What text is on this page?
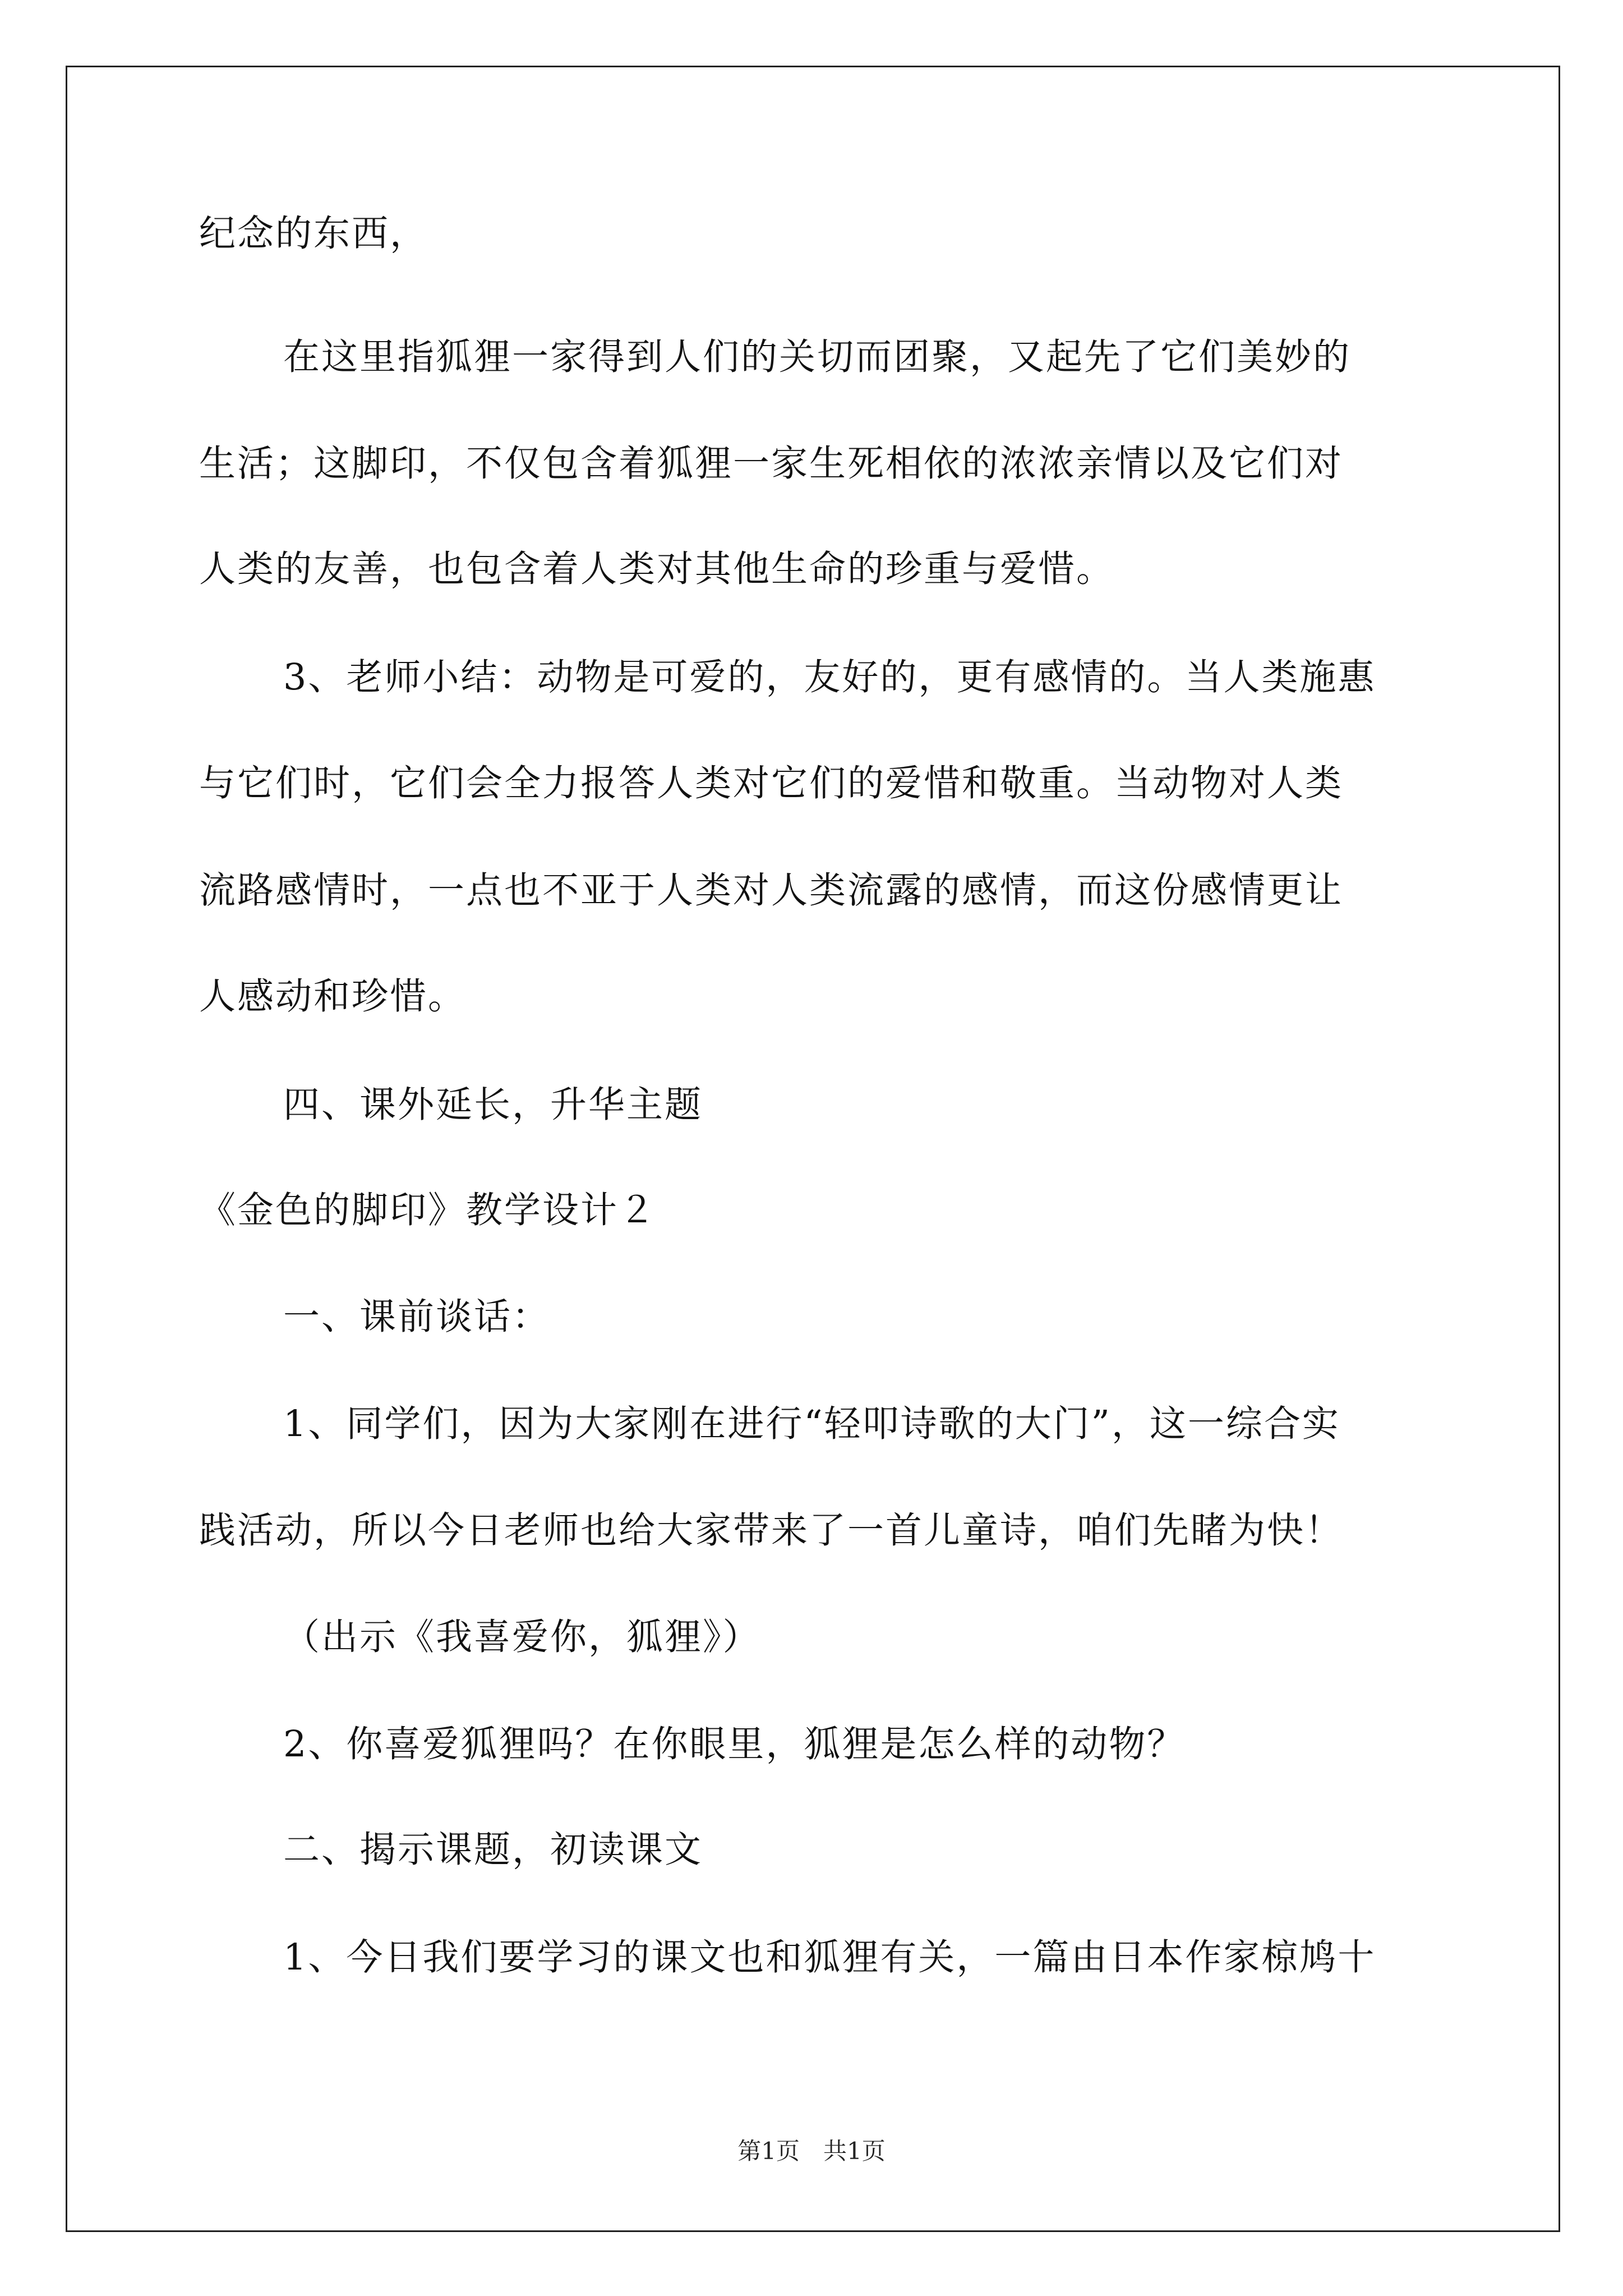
纪念的东西，
在这里指狐狸一家得到人们的关切而团聚，又起先了它们美妙的
生活；这脚印，不仅包含着狐狸一家生死相依的浓浓亲情以及它们对
人类的友善，也包含着人类对其他生命的珍重与爱惜。
3、老师小结：动物是可爱的，友好的，更有感情的。当人类施惠
与它们时，它们会全力报答人类对它们的爱惜和敬重。当动物对人类
流路感情时，一点也不亚于人类对人类流露的感情，而这份感情更让
人感动和珍惜。
四、课外延长，升华主题
《金色的脚印》教学设计２
一、课前谈话：
1、同学们，因为大家刚在进行“轻叩诗歌的大门”，这一综合实
践活动，所以今日老师也给大家带来了一首儿童诗，咱们先睹为快！
（出示《我喜爱你，狐狸》）
2、你喜爱狐狸吗？在你眼里，狐狸是怎么样的动物？
二、揭示课题，初读课文
1、今日我们要学习的课文也和狐狸有关，一篇由日本作家椋鸠十
第1页　共1页
